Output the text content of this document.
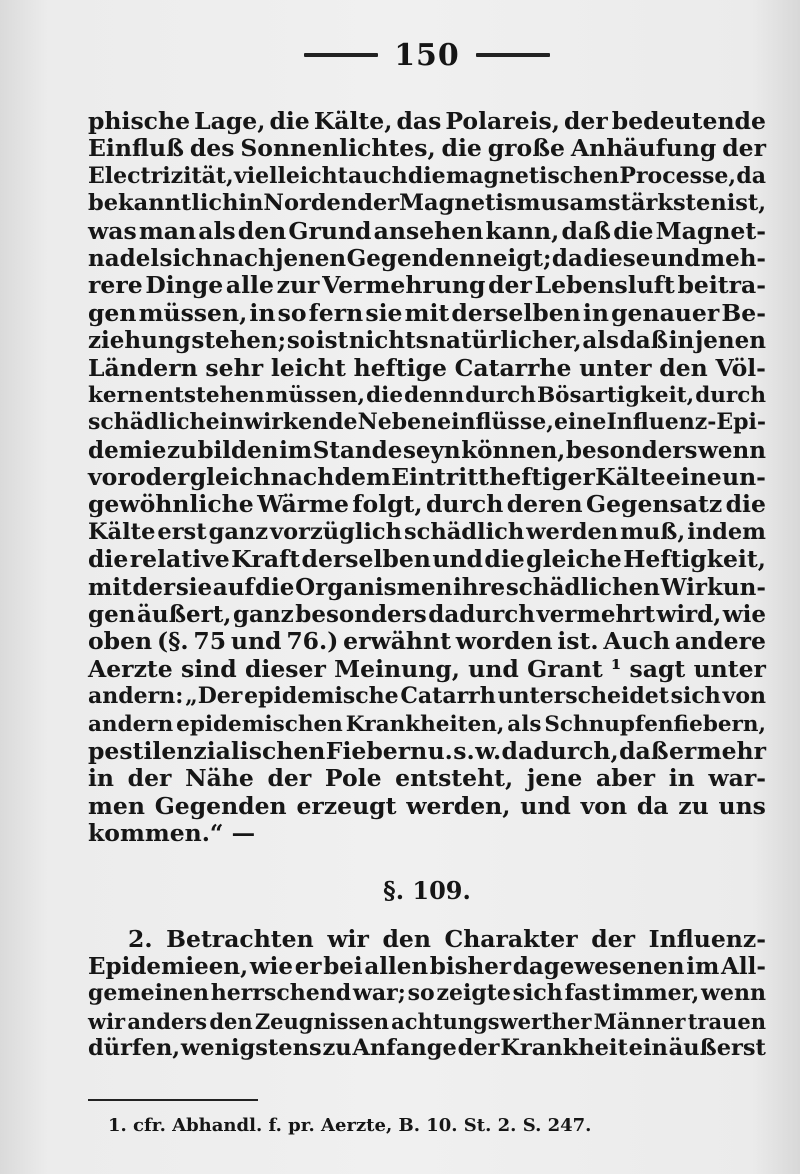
150
phische Lage, die Kälte, das Polareis, der bedeutende
Einfluß des Sonnenlichtes, die große Anhäufung der
Electrizität, vielleicht auch die magnetischen Processe, da
bekanntlich in Norden der Magnetismus am stärksten ist,
was man als den Grund ansehen kann, daß die Magnet-
nadel sich nach jenen Gegenden neigt; da diese und meh-
rere Dinge alle zur Vermehrung der Lebensluft beitra-
gen müssen, in so fern sie mit derselben in genauer Be-
ziehung stehen; so ist nichts natürlicher, als daß in jenen
Ländern sehr leicht heftige Catarrhe unter den Völ-
kern entstehen müssen, die denn durch Bösartigkeit, durch
schädlich einwirkende Nebeneinflüsse, eine Influenz-Epi-
demie zu bilden im Stande seyn können, besonders wenn
vor oder gleich nach dem Eintritt heftiger Kälte eine un-
gewöhnliche Wärme folgt, durch deren Gegensatz die
Kälte erst ganz vorzüglich schädlich werden muß, indem
die relative Kraft derselben und die gleiche Heftigkeit,
mit der sie auf die Organismen ihre schädlichen Wirkun-
gen äußert, ganz besonders dadurch vermehrt wird, wie
oben (§. 75 und 76.) erwähnt worden ist. Auch andere
Aerzte sind dieser Meinung, und Grant ¹ sagt unter
andern: „Der epidemische Catarrh unterscheidet sich von
andern epidemischen Krankheiten, als Schnupfenfiebern,
pestilenzialischen Fiebern u. s. w. dadurch, daß er mehr
in der Nähe der Pole entsteht, jene aber in war-
men Gegenden erzeugt werden, und von da zu uns
kommen.“ —
§. 109.
2. Betrachten wir den Charakter der Influenz-
Epidemieen, wie er bei allen bisher dagewesenen im All-
gemeinen herrschend war; so zeigte sich fast immer, wenn
wir anders den Zeugnissen achtungswerther Männer trauen
dürfen, wenigstens zu Anfange der Krankheit ein äußerst
1. cfr. Abhandl. f. pr. Aerzte, B. 10. St. 2. S. 247.
